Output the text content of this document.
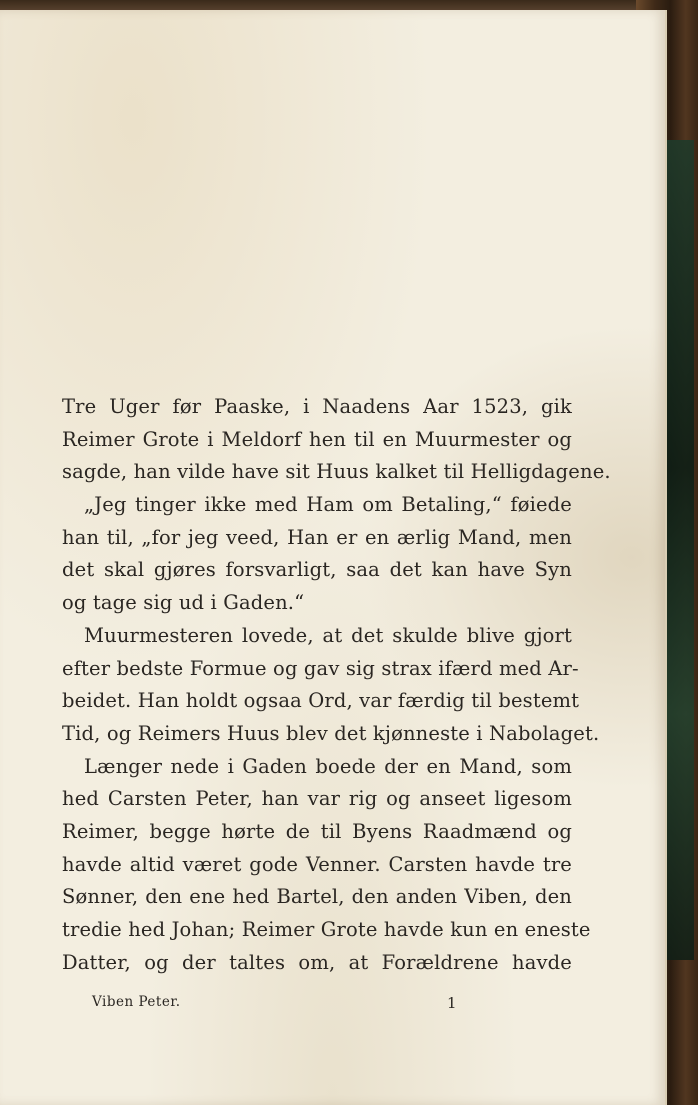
Tre Uger før Paaske, i Naadens Aar 1523, gik
Reimer Grote i Meldorf hen til en Muurmester og
sagde, han vilde have sit Huus kalket til Helligdagene.
„Jeg tinger ikke med Ham om Betaling,“ føiede
han til, „for jeg veed, Han er en ærlig Mand, men
det skal gjøres forsvarligt, saa det kan have Syn
og tage sig ud i Gaden.“
Muurmesteren lovede, at det skulde blive gjort
efter bedste Formue og gav sig strax ifærd med Ar-
beidet. Han holdt ogsaa Ord, var færdig til bestemt
Tid, og Reimers Huus blev det kjønneste i Nabolaget.
Længer nede i Gaden boede der en Mand, som
hed Carsten Peter, han var rig og anseet ligesom
Reimer, begge hørte de til Byens Raadmænd og
havde altid været gode Venner. Carsten havde tre
Sønner, den ene hed Bartel, den anden Viben, den
tredie hed Johan; Reimer Grote havde kun en eneste
Datter, og der taltes om, at Forældrene havde
Viben Peter.	1
